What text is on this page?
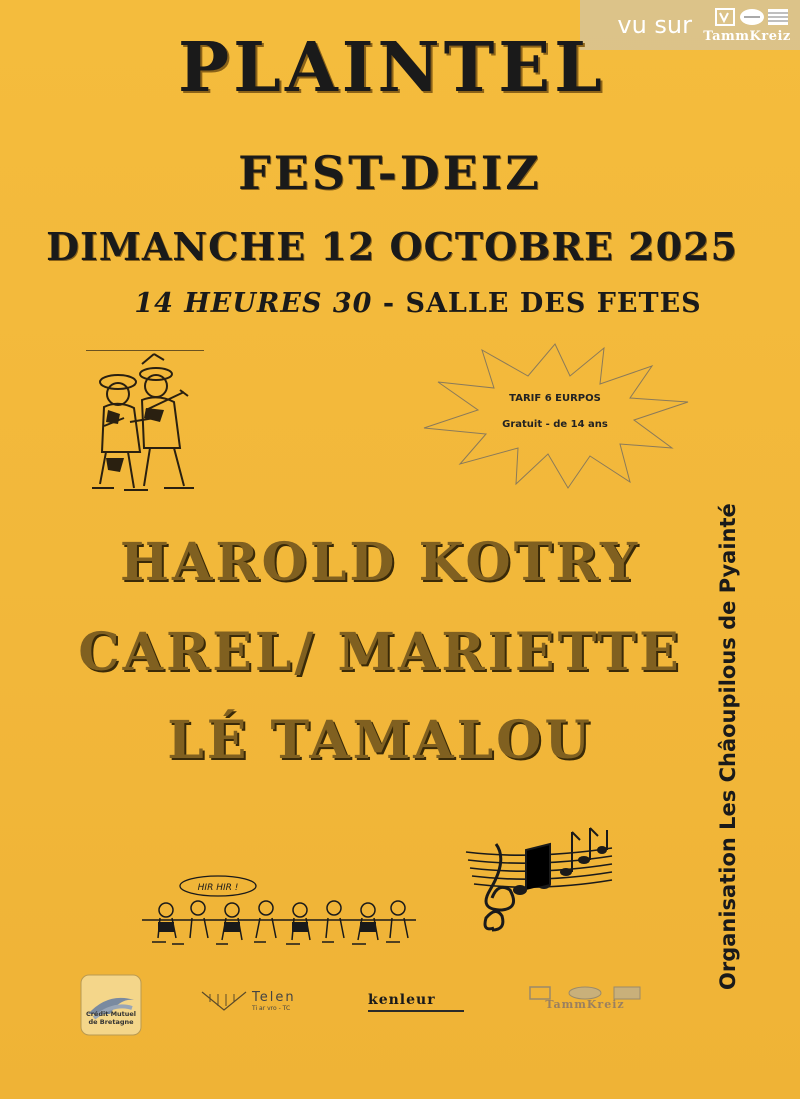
vu sur TammKreiz
PLAINTEL
FEST-DEIZ
DIMANCHE 12 OCTOBRE 2025
14 HEURES 30 - SALLE DES FETES
TARIF 6 EURPOS
Gratuit - de 14 ans
HAROLD KOTRY
CAREL/ MARIETTE
LÉ TAMALOU	Organisation Les Châoupilous de Pyainté
HIR HIR !
Crédit Mutuel
de Bretagne
Telen
Ti ar vro - TC
kenleur	TammKreiz
